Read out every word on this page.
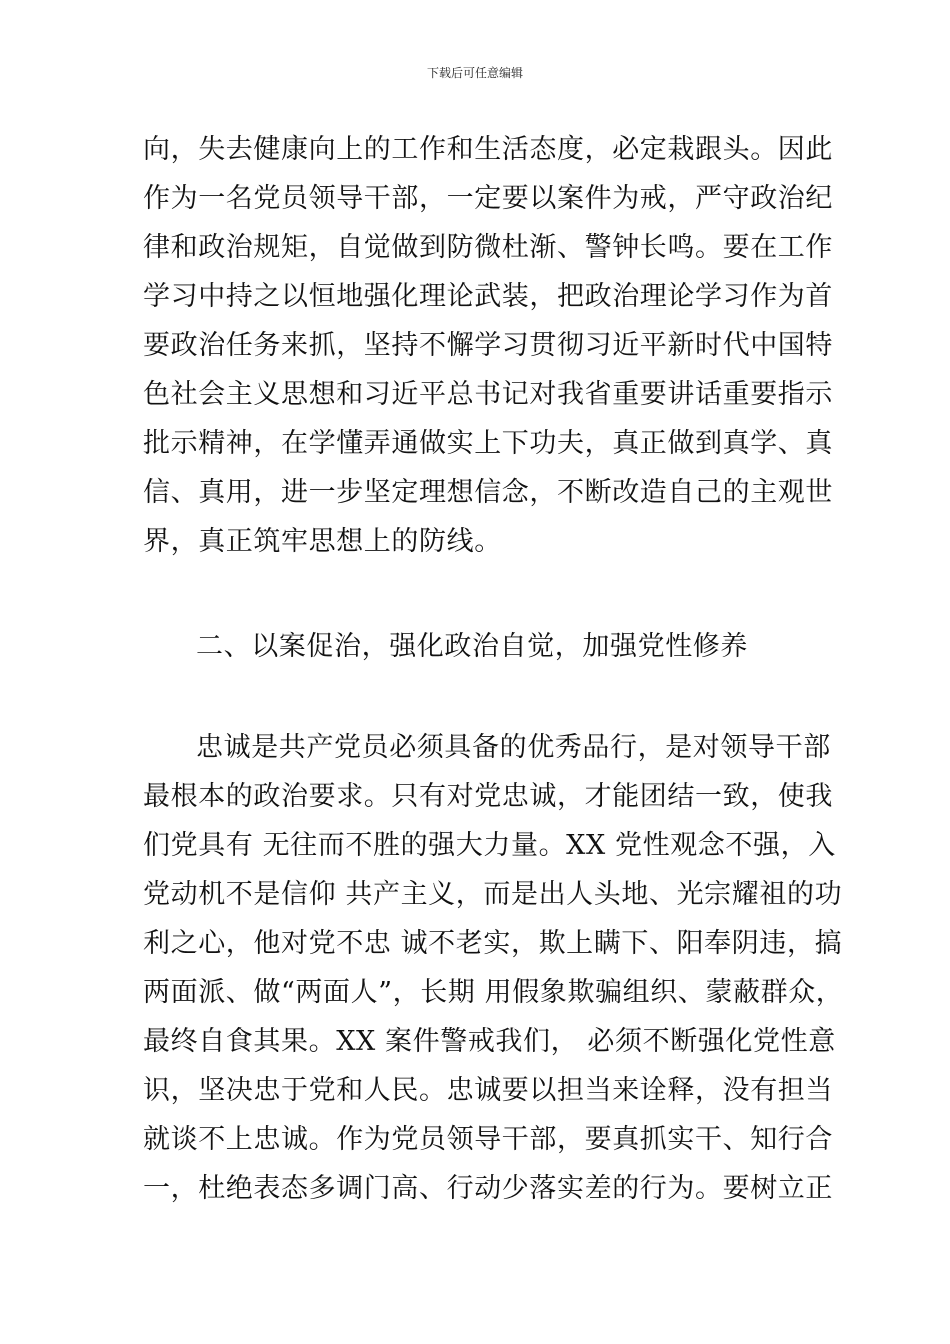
下载后可任意编辑
向，失去健康向上的工作和生活态度，必定栽跟头。因此
作为一名党员领导干部，一定要以案件为戒，严守政治纪
律和政治规矩，自觉做到防微杜渐、警钟长鸣。要在工作
学习中持之以恒地强化理论武装，把政治理论学习作为首
要政治任务来抓，坚持不懈学习贯彻习近平新时代中国特
色社会主义思想和习近平总书记对我省重要讲话重要指示
批示精神，在学懂弄通做实上下功夫，真正做到真学、真
信、真用，进一步坚定理想信念，不断改造自己的主观世
界，真正筑牢思想上的防线。
二、以案促治，强化政治自觉，加强党性修养
忠诚是共产党员必须具备的优秀品行，是对领导干部
最根本的政治要求。只有对党忠诚，才能团结一致，使我
们党具有 无往而不胜的强大力量。XX 党性观念不强，入
党动机不是信仰 共产主义，而是出人头地、光宗耀祖的功
利之心，他对党不忠 诚不老实，欺上瞒下、阳奉阴违，搞
两面派、做“两面人”，长期 用假象欺骗组织、蒙蔽群众，
最终自食其果。XX 案件警戒我们， 必须不断强化党性意
识，坚决忠于党和人民。忠诚要以担当来诠释，没有担当
就谈不上忠诚。作为党员领导干部，要真抓实干、知行合
一，杜绝表态多调门高、行动少落实差的行为。要树立正
